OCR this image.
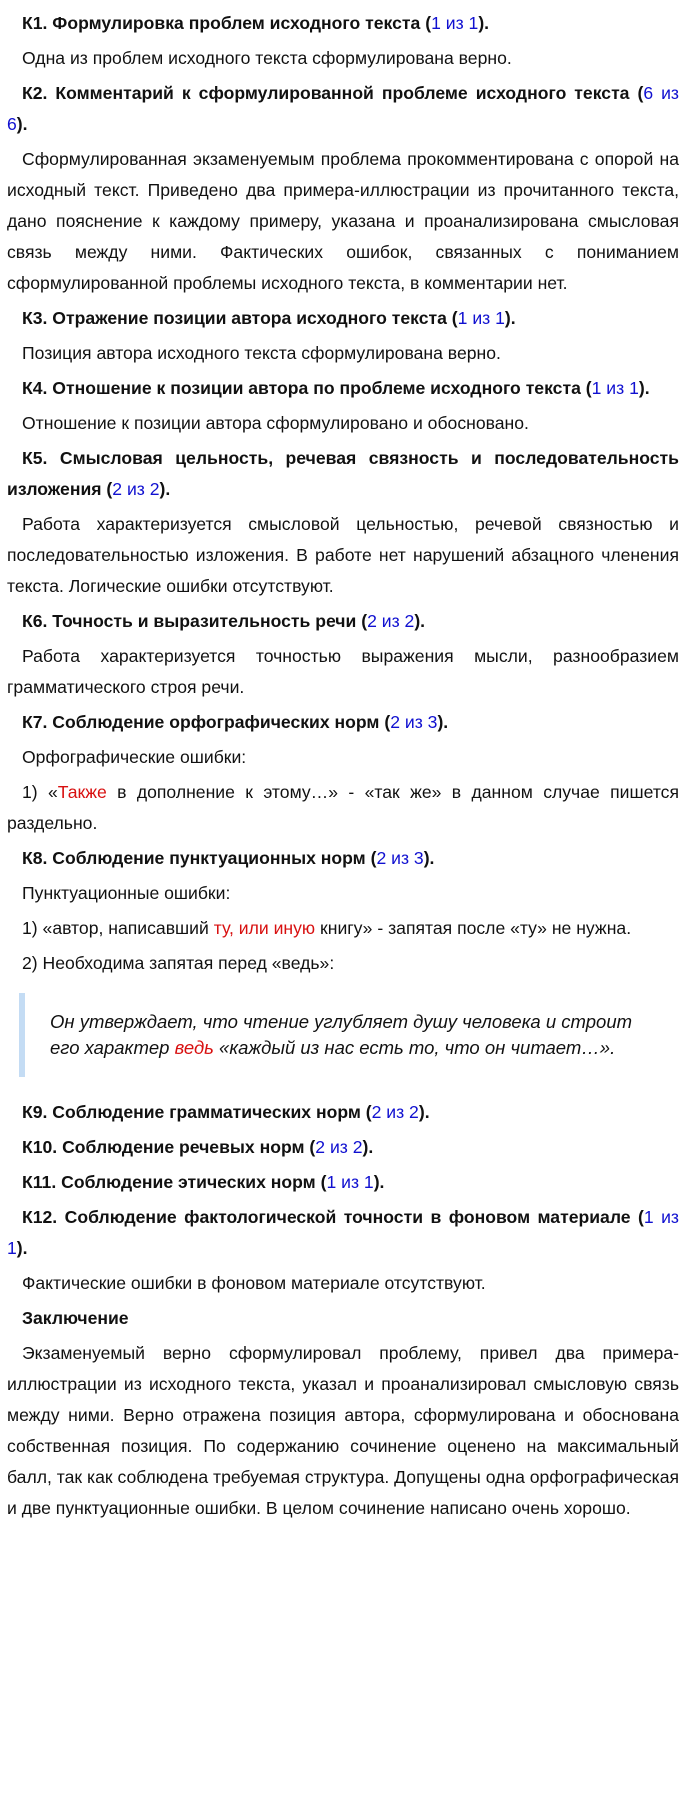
К1. Формулировка проблем исходного текста (1 из 1).

Одна из проблем исходного текста сформулирована верно.

К2. Комментарий к сформулированной проблеме исходного текста (6 из 6).

Сформулированная экзаменуемым проблема прокомментирована с опорой на исходный текст. Приведено два примера-иллюстрации из прочитанного текста, дано пояснение к каждому примеру, указана и проанализирована смысловая связь между ними. Фактических ошибок, связанных с пониманием сформулированной проблемы исходного текста, в комментарии нет.

К3. Отражение позиции автора исходного текста (1 из 1).

Позиция автора исходного текста сформулирована верно.

К4. Отношение к позиции автора по проблеме исходного текста (1 из 1).

Отношение к позиции автора сформулировано и обосновано.

К5. Смысловая цельность, речевая связность и последовательность изложения (2 из 2).

Работа характеризуется смысловой цельностью, речевой связностью и последовательностью изложения. В работе нет нарушений абзацного членения текста. Логические ошибки отсутствуют.

К6. Точность и выразительность речи (2 из 2).

Работа характеризуется точностью выражения мысли, разнообразием грамматического строя речи.

К7. Соблюдение орфографических норм (2 из 3).

Орфографические ошибки:

1) «Также в дополнение к этому…» - «так же» в данном случае пишется раздельно.

К8. Соблюдение пунктуационных норм (2 из 3).

Пунктуационные ошибки:

1) «автор, написавший ту, или иную книгу» - запятая после «ту» не нужна.

2) Необходима запятая перед «ведь»:

Он утверждает, что чтение углубляет душу человека и строит его характер ведь «каждый из нас есть то, что он читает…».

К9. Соблюдение грамматических норм (2 из 2).

К10. Соблюдение речевых норм (2 из 2).

К11. Соблюдение этических норм (1 из 1).

К12. Соблюдение фактологической точности в фоновом материале (1 из 1).

Фактические ошибки в фоновом материале отсутствуют.

Заключение

Экзаменуемый верно сформулировал проблему, привел два примера-иллюстрации из исходного текста, указал и проанализировал смысловую связь между ними. Верно отражена позиция автора, сформулирована и обоснована собственная позиция. По содержанию сочинение оценено на максимальный балл, так как соблюдена требуемая структура. Допущены одна орфографическая и две пунктуационные ошибки. В целом сочинение написано очень хорошо.
